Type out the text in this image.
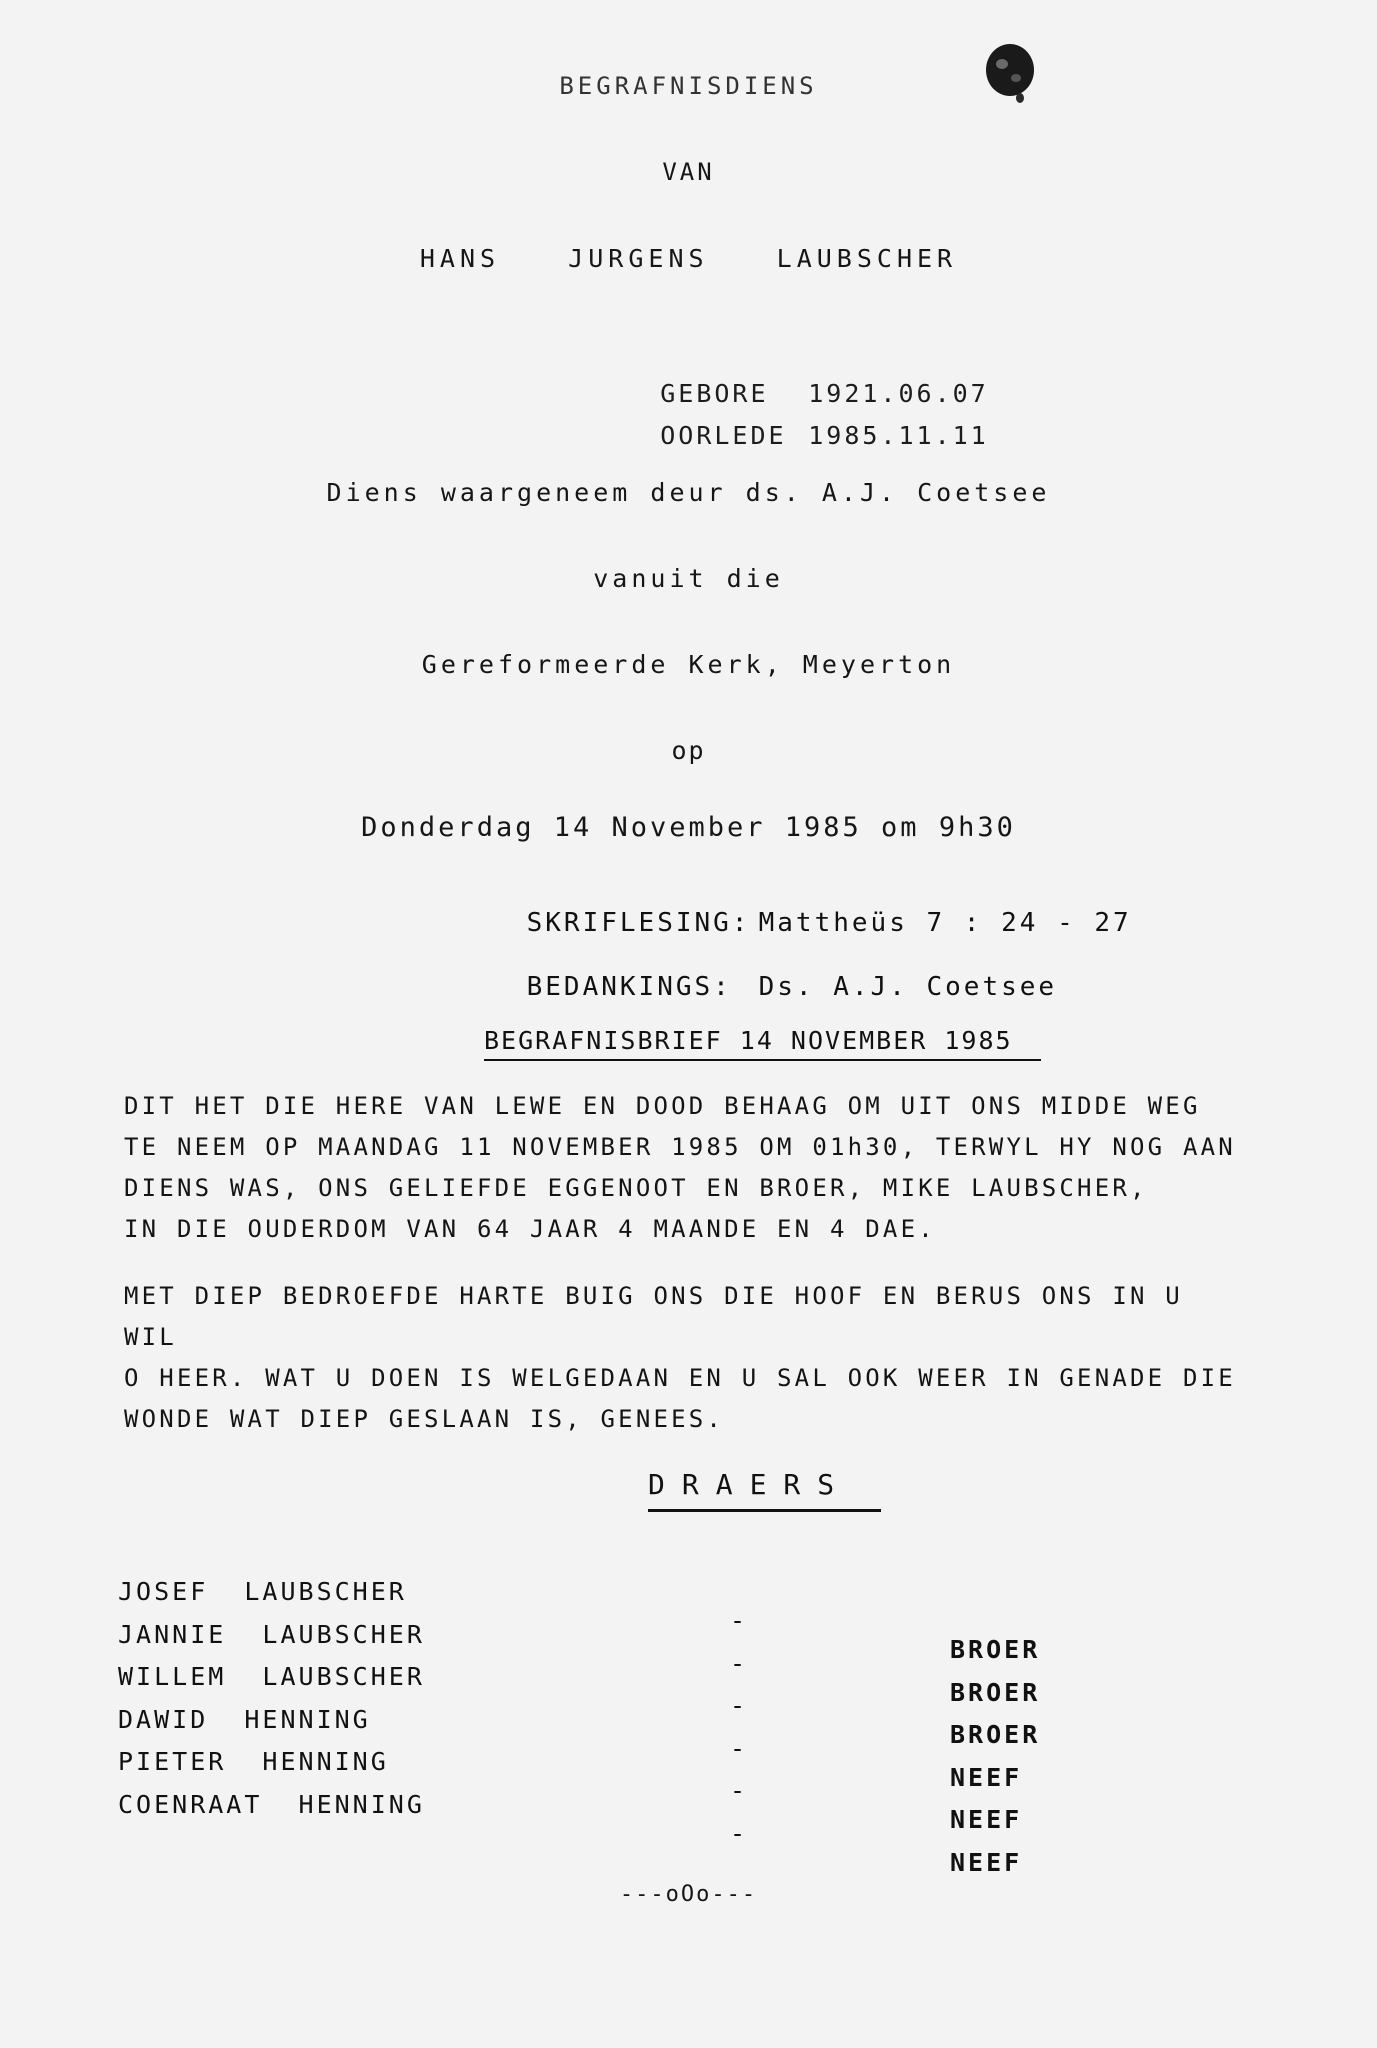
BEGRAFNISDIENS
VAN
HANS  JURGENS  LAUBSCHER

GEBORE 1921.06.07

OORLEDE 1985.11.11

Diens waargeneem deur ds. A.J. Coetsee
vanuit die
Gereformeerde Kerk, Meyerton
op
Donderdag 14 November 1985 om 9h30

SKRIFLESING: Mattheüs 7 : 24 - 27

BEDANKINGS: Ds. A.J. Coetsee

BEGRAFNISBRIEF 14 NOVEMBER 1985
DIT HET DIE HERE VAN LEWE EN DOOD BEHAAG OM UIT ONS MIDDE WEG
TE NEEM OP MAANDAG 11 NOVEMBER 1985 OM 01h30, TERWYL HY NOG AAN
DIENS WAS, ONS GELIEFDE EGGENOOT EN BROER, MIKE LAUBSCHER,
IN DIE OUDERDOM VAN 64 JAAR 4 MAANDE EN 4 DAE.
MET DIEP BEDROEFDE HARTE BUIG ONS DIE HOOF EN BERUS ONS IN U WIL
O HEER. WAT U DOEN IS WELGEDAAN EN U SAL OOK WEER IN GENADE DIE
WONDE WAT DIEP GESLAAN IS, GENEES.
DRAERS

JOSEF  LAUBSCHER

-

BROER

JANNIE  LAUBSCHER

-

BROER

WILLEM  LAUBSCHER

-

BROER

DAWID  HENNING

-

NEEF

PIETER  HENNING

-

NEEF

COENRAAT  HENNING

-

NEEF

---oOo---
